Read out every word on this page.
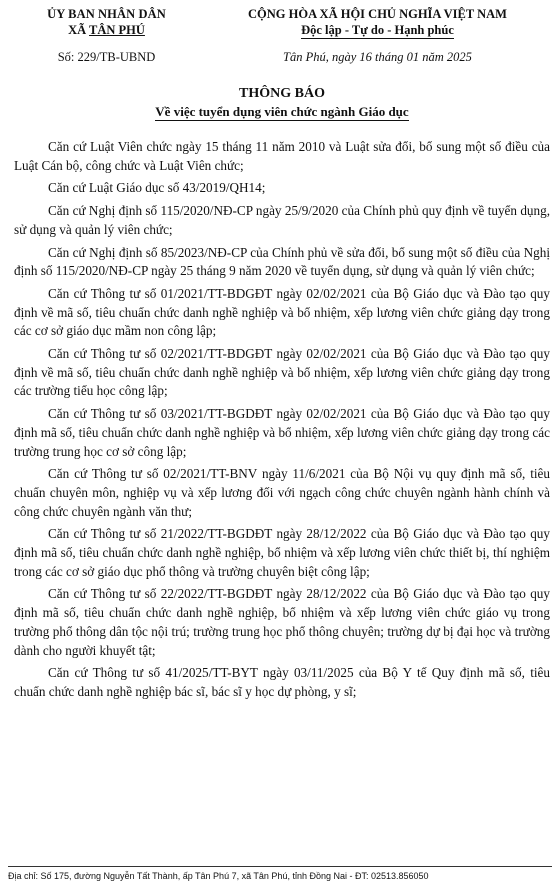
ỦY BAN NHÂN DÂN
XÃ TÂN PHÚ
CỘNG HÒA XÃ HỘI CHỦ NGHĨA VIỆT NAM
Độc lập - Tự do - Hạnh phúc
Số: 229/TB-UBND	Tân Phú, ngày 16 tháng 01 năm 2025
THÔNG BÁO
Về việc tuyển dụng viên chức ngành Giáo dục

Căn cứ Luật Viên chức ngày 15 tháng 11 năm 2010 và Luật sửa đổi, bổ sung một số điều của Luật Cán bộ, công chức và Luật Viên chức;

Căn cứ Luật Giáo dục số 43/2019/QH14;

Căn cứ Nghị định số 115/2020/NĐ-CP ngày 25/9/2020 của Chính phủ quy định về tuyển dụng, sử dụng và quản lý viên chức;

Căn cứ Nghị định số 85/2023/NĐ-CP của Chính phủ về sửa đổi, bổ sung một số điều của Nghị định số 115/2020/NĐ-CP ngày 25 tháng 9 năm 2020 về tuyển dụng, sử dụng và quản lý viên chức;

Căn cứ Thông tư số 01/2021/TT-BDGĐT ngày 02/02/2021 của Bộ Giáo dục và Đào tạo quy định về mã số, tiêu chuẩn chức danh nghề nghiệp và bổ nhiệm, xếp lương viên chức giảng dạy trong các cơ sở giáo dục mầm non công lập;

Căn cứ Thông tư số 02/2021/TT-BDGĐT ngày 02/02/2021 của Bộ Giáo dục và Đào tạo quy định về mã số, tiêu chuẩn chức danh nghề nghiệp và bổ nhiệm, xếp lương viên chức giảng dạy trong các trường tiểu học công lập;

Căn cứ Thông tư số 03/2021/TT-BGDĐT ngày 02/02/2021 của Bộ Giáo dục và Đào tạo quy định mã số, tiêu chuẩn chức danh nghề nghiệp và bổ nhiệm, xếp lương viên chức giảng dạy trong các trường trung học cơ sở công lập;

Căn cứ Thông tư số 02/2021/TT-BNV ngày 11/6/2021 của Bộ Nội vụ quy định mã số, tiêu chuẩn chuyên môn, nghiệp vụ và xếp lương đối với ngạch công chức chuyên ngành hành chính và công chức chuyên ngành văn thư;

Căn cứ Thông tư số 21/2022/TT-BGDĐT ngày 28/12/2022 của Bộ Giáo dục và Đào tạo quy định mã số, tiêu chuẩn chức danh nghề nghiệp, bổ nhiệm và xếp lương viên chức thiết bị, thí nghiệm trong các cơ sở giáo dục phổ thông và trường chuyên biệt công lập;

Căn cứ Thông tư số 22/2022/TT-BGDĐT ngày 28/12/2022 của Bộ Giáo dục và Đào tạo quy định mã số, tiêu chuẩn chức danh nghề nghiệp, bổ nhiệm và xếp lương viên chức giáo vụ trong trường phổ thông dân tộc nội trú; trường trung học phổ thông chuyên; trường dự bị đại học và trường dành cho người khuyết tật;

Căn cứ Thông tư số 41/2025/TT-BYT ngày 03/11/2025 của Bộ Y tế Quy định mã số, tiêu chuẩn chức danh nghề nghiệp bác sĩ, bác sĩ y học dự phòng, y sĩ;

Địa chỉ: Số 175, đường Nguyễn Tất Thành, ấp Tân Phú 7, xã Tân Phú, tỉnh Đồng Nai - ĐT: 02513.856050
